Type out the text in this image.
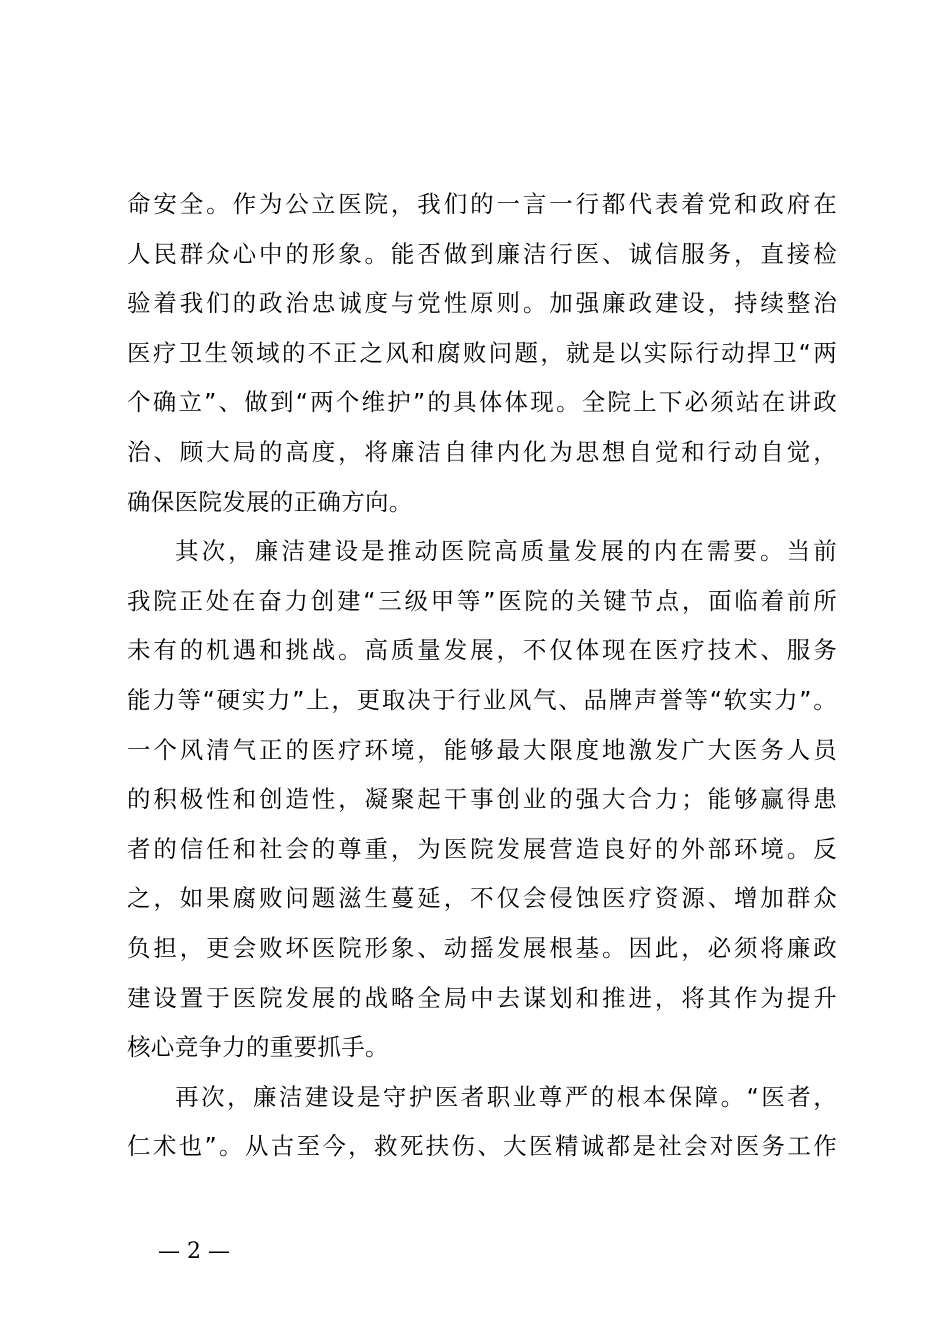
命安全。作为公立医院，我们的一言一行都代表着党和政府在
人民群众心中的形象。能否做到廉洁行医、诚信服务，直接检
验着我们的政治忠诚度与党性原则。加强廉政建设，持续整治
医疗卫生领域的不正之风和腐败问题，就是以实际行动捍卫“两
个确立”、做到“两个维护”的具体体现。全院上下必须站在讲政
治、顾大局的高度，将廉洁自律内化为思想自觉和行动自觉，
确保医院发展的正确方向。
其次，廉洁建设是推动医院高质量发展的内在需要。当前
我院正处在奋力创建“三级甲等”医院的关键节点，面临着前所
未有的机遇和挑战。高质量发展，不仅体现在医疗技术、服务
能力等“硬实力”上，更取决于行业风气、品牌声誉等“软实力”。
一个风清气正的医疗环境，能够最大限度地激发广大医务人员
的积极性和创造性，凝聚起干事创业的强大合力；能够赢得患
者的信任和社会的尊重，为医院发展营造良好的外部环境。反
之，如果腐败问题滋生蔓延，不仅会侵蚀医疗资源、增加群众
负担，更会败坏医院形象、动摇发展根基。因此，必须将廉政
建设置于医院发展的战略全局中去谋划和推进，将其作为提升
核心竞争力的重要抓手。
再次，廉洁建设是守护医者职业尊严的根本保障。“医者，
仁术也”。从古至今，救死扶伤、大医精诚都是社会对医务工作
— 2 —
